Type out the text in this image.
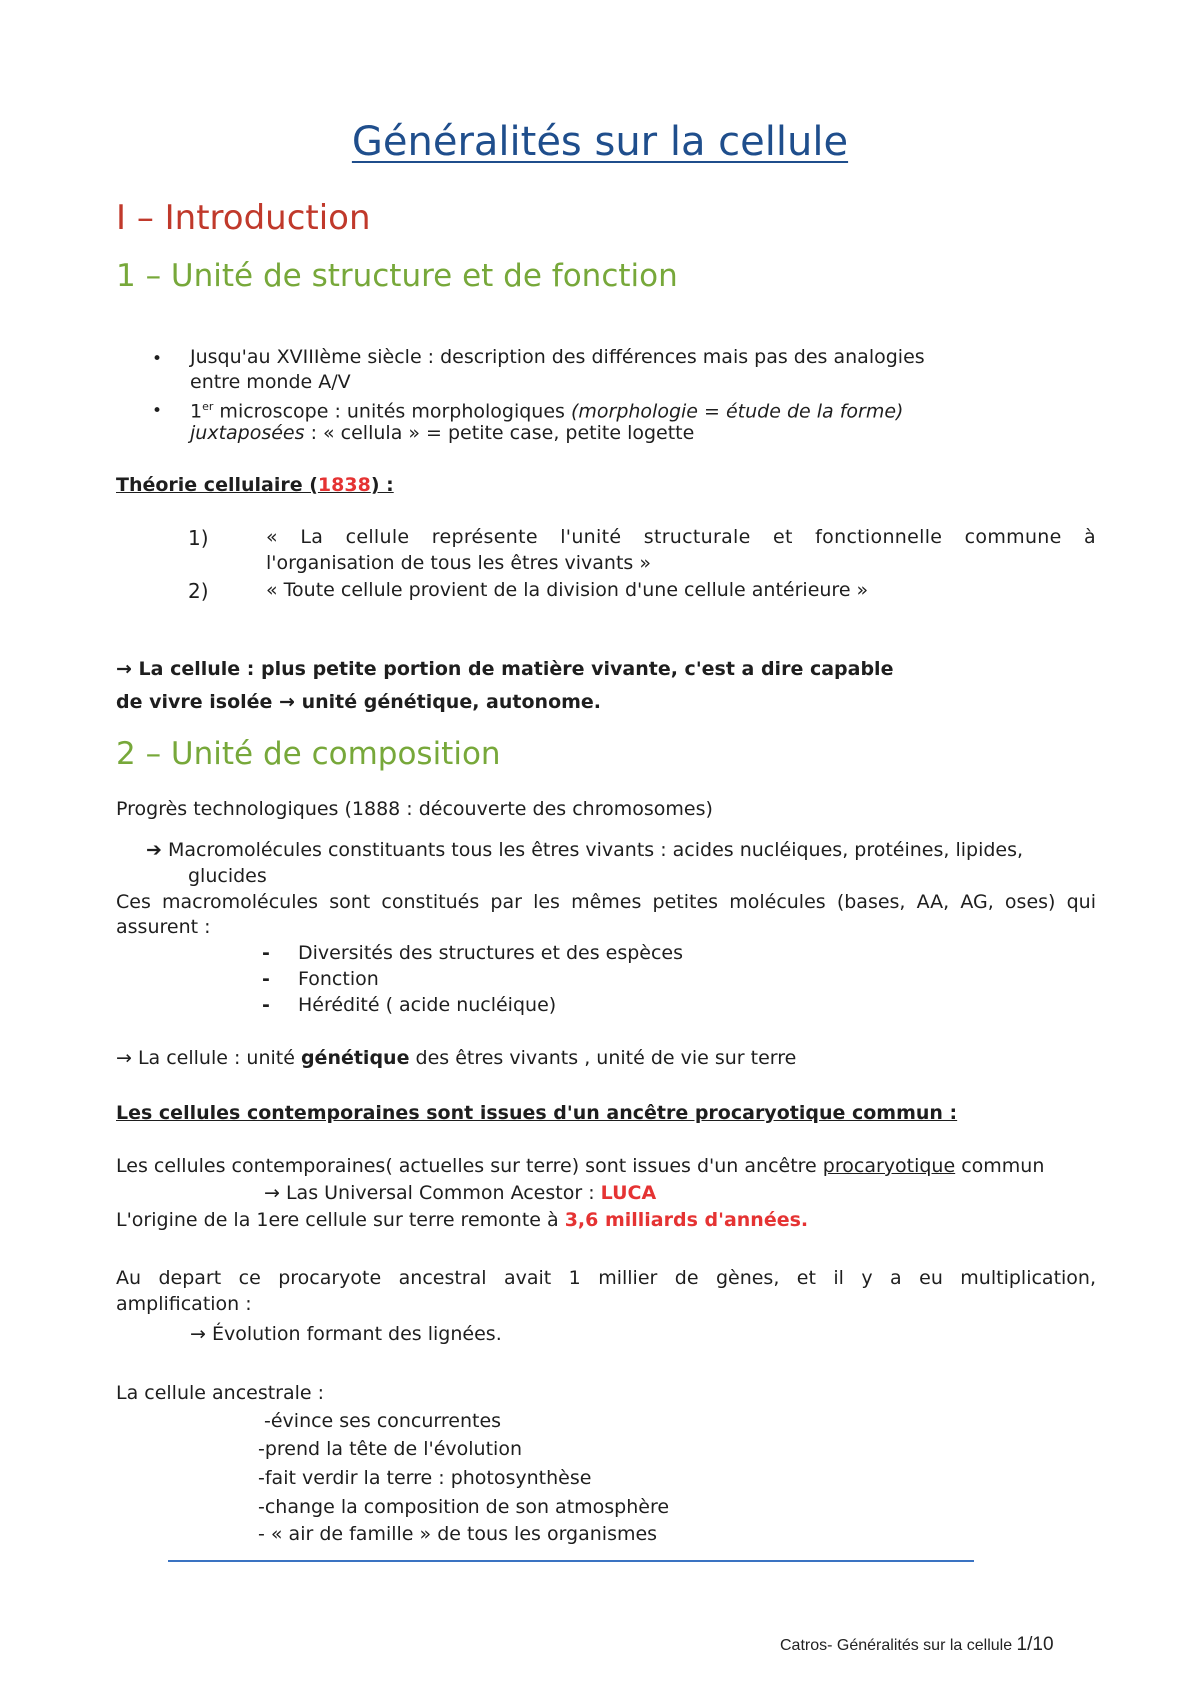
Généralités sur la cellule
I – Introduction
1 – Unité de structure et de fonction
• Jusqu'au XVIIIème siècle : description des différences mais pas des analogies
entre monde A/V
• 1er microscope : unités morphologiques (morphologie = étude de la forme)
juxtaposées : « cellula » = petite case, petite logette
Théorie cellulaire (1838) :
1)	« La cellule représente l'unité structurale et fonctionnelle commune à
l'organisation de tous les êtres vivants »
2)	« Toute cellule provient de la division d'une cellule antérieure »
→ La cellule : plus petite portion de matière vivante, c'est a dire capable
de vivre isolée → unité génétique, autonome.
2 – Unité de composition
Progrès technologiques (1888 : découverte des chromosomes)
➔ Macromolécules constituants tous les êtres vivants : acides nucléiques, protéines, lipides,
glucides
Ces macromolécules sont constitués par les mêmes petites molécules (bases, AA, AG, oses) qui
assurent :
- Diversités des structures et des espèces
- Fonction
- Hérédité ( acide nucléique)
→ La cellule : unité génétique des êtres vivants , unité de vie sur terre
Les cellules contemporaines sont issues d'un ancêtre procaryotique commun :
Les cellules contemporaines( actuelles sur terre) sont issues d'un ancêtre procaryotique commun
→ Las Universal Common Acestor : LUCA
L'origine de la 1ere cellule sur terre remonte à 3,6 milliards d'années.
Au depart ce procaryote ancestral avait 1 millier de gènes, et il y a eu multiplication,
amplification :
→ Évolution formant des lignées.
La cellule ancestrale :
-évince ses concurrentes
-prend la tête de l'évolution
-fait verdir la terre : photosynthèse
-change la composition de son atmosphère
- « air de famille » de tous les organismes
Catros- Généralités sur la cellule 1/10
